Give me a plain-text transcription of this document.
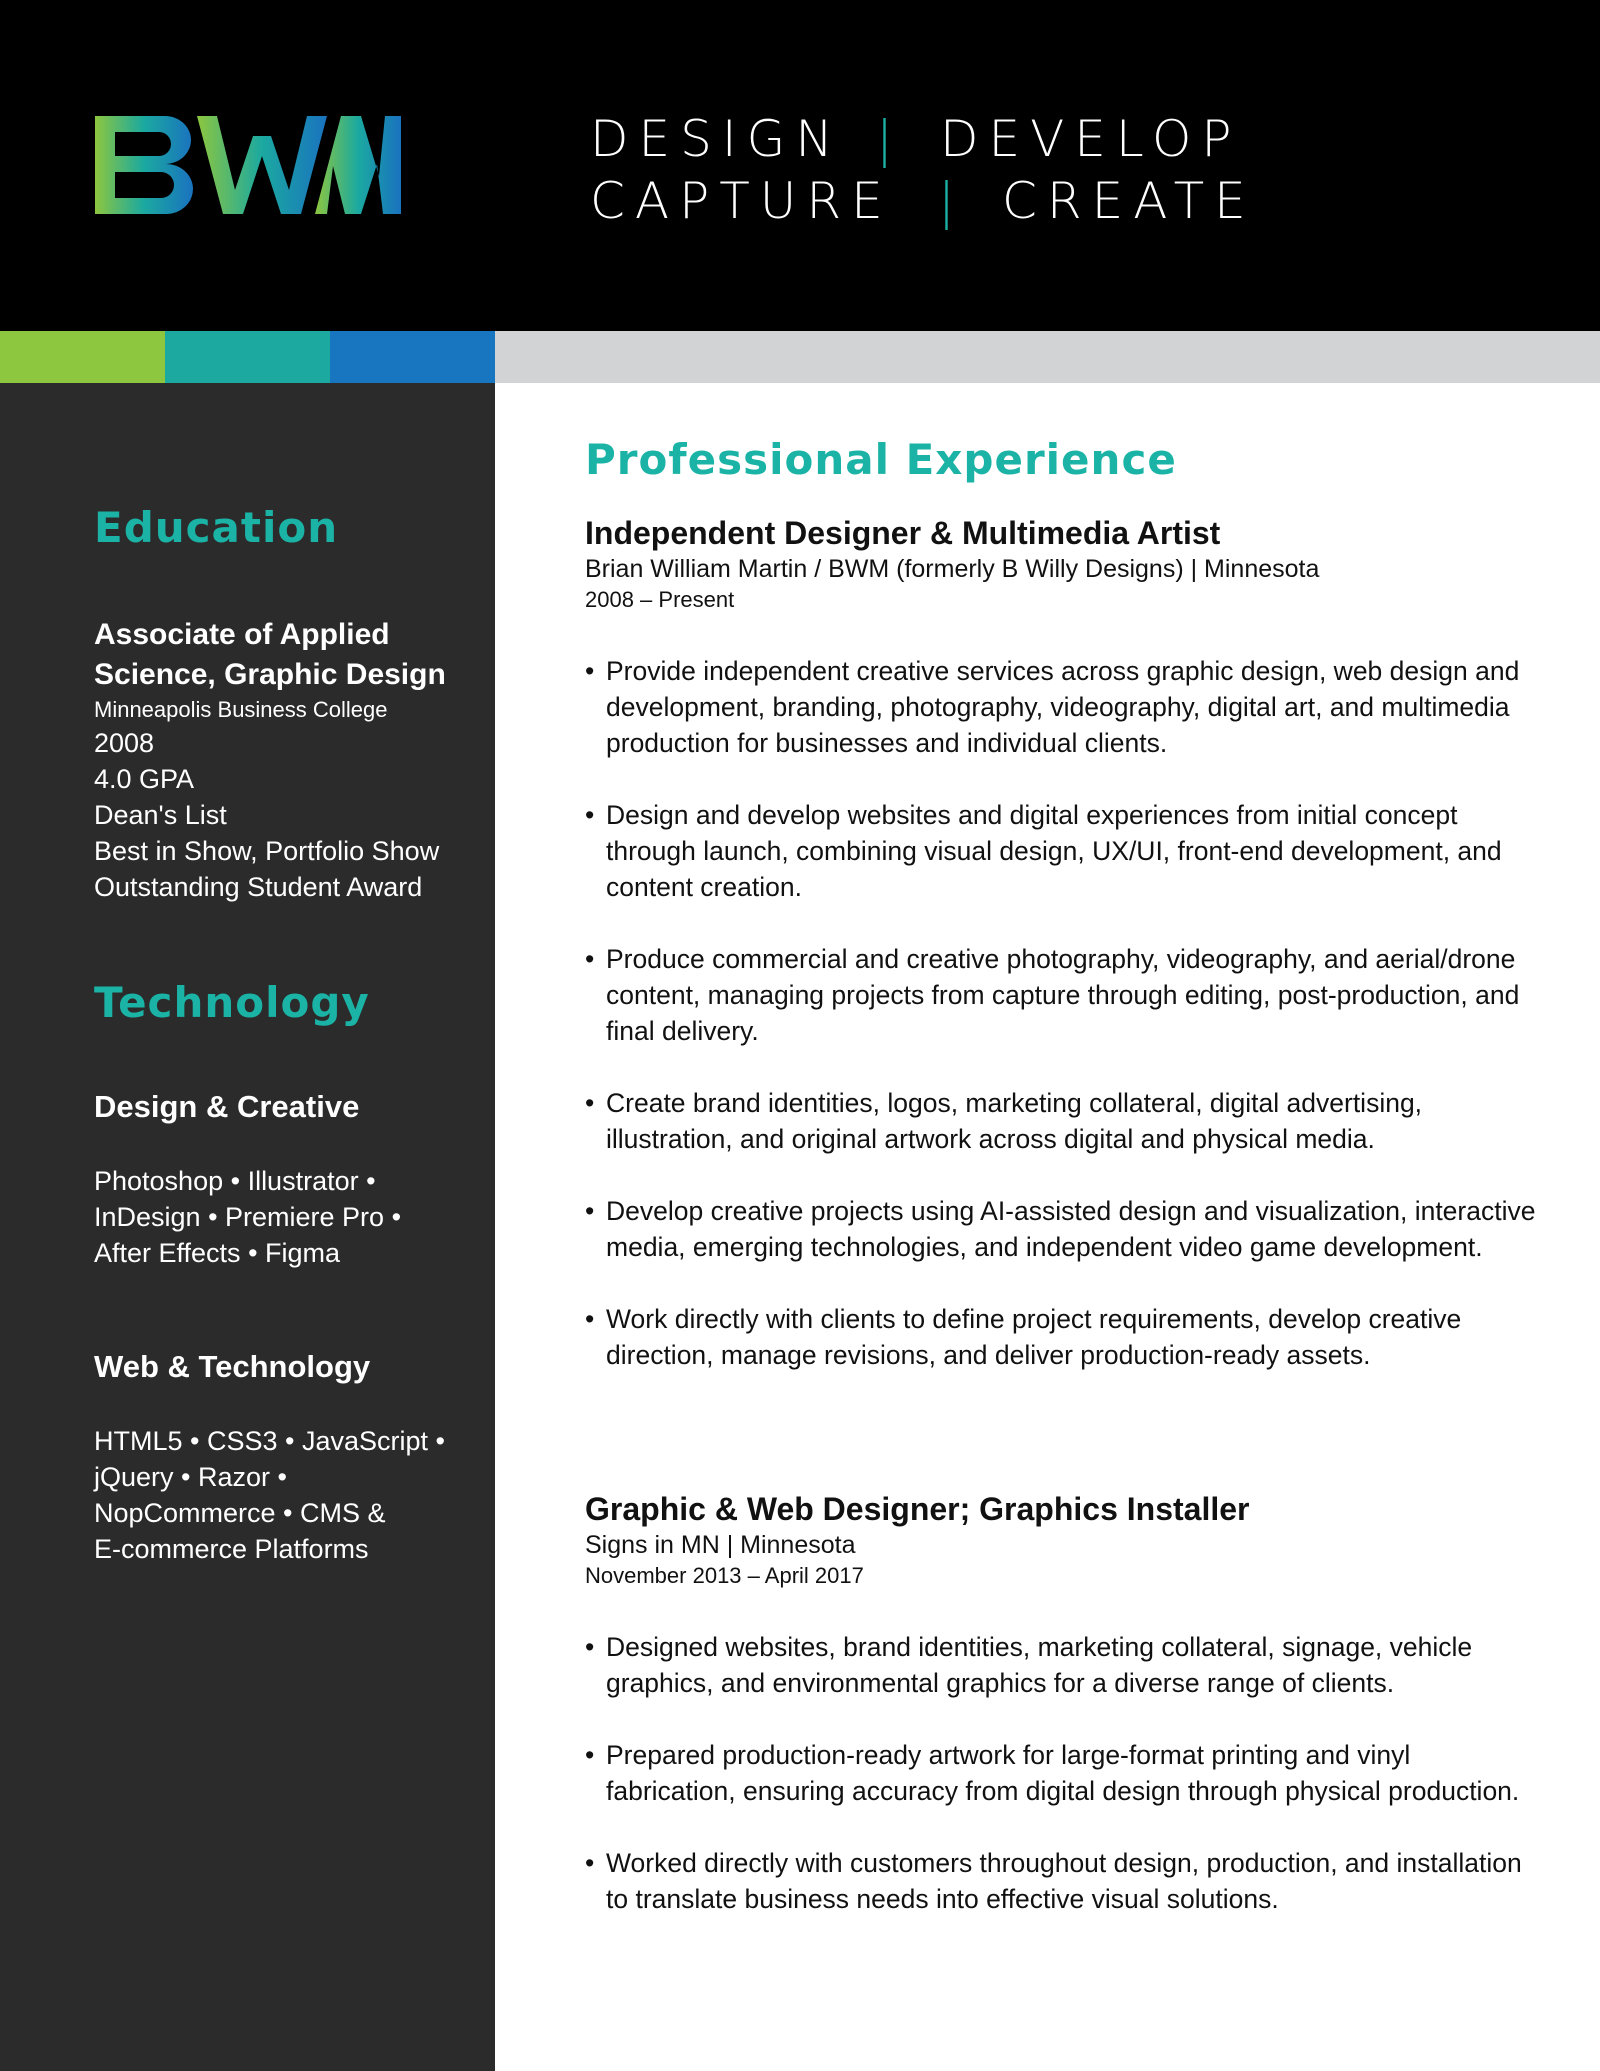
DESIGN | DEVELOP
CAPTURE | CREATE
Education
Associate of Applied
Science, Graphic Design
Minneapolis Business College
2008
4.0 GPA
Dean's List
Best in Show, Portfolio Show
Outstanding Student Award
Technology
Design & Creative
Photoshop • Illustrator •
InDesign • Premiere Pro •
After Effects • Figma
Web & Technology
HTML5 • CSS3 • JavaScript •
jQuery • Razor •
NopCommerce • CMS &
E-commerce Platforms
Professional Experience
Independent Designer & Multimedia Artist
Brian William Martin / BWM (formerly B Willy Designs) | Minnesota
2008 – Present
• Provide independent creative services across graphic design, web design and development, branding, photography, videography, digital art, and multimedia production for businesses and individual clients.
• Design and develop websites and digital experiences from initial concept through launch, combining visual design, UX/UI, front-end development, and content creation.
• Produce commercial and creative photography, videography, and aerial/drone content, managing projects from capture through editing, post-production, and final delivery.
• Create brand identities, logos, marketing collateral, digital advertising, illustration, and original artwork across digital and physical media.
• Develop creative projects using AI-assisted design and visualization, interactive media, emerging technologies, and independent video game development.
• Work directly with clients to define project requirements, develop creative direction, manage revisions, and deliver production-ready assets.
Graphic & Web Designer; Graphics Installer
Signs in MN | Minnesota
November 2013 – April 2017
• Designed websites, brand identities, marketing collateral, signage, vehicle graphics, and environmental graphics for a diverse range of clients.
• Prepared production-ready artwork for large-format printing and vinyl fabrication, ensuring accuracy from digital design through physical production.
• Worked directly with customers throughout design, production, and installation to translate business needs into effective visual solutions.
